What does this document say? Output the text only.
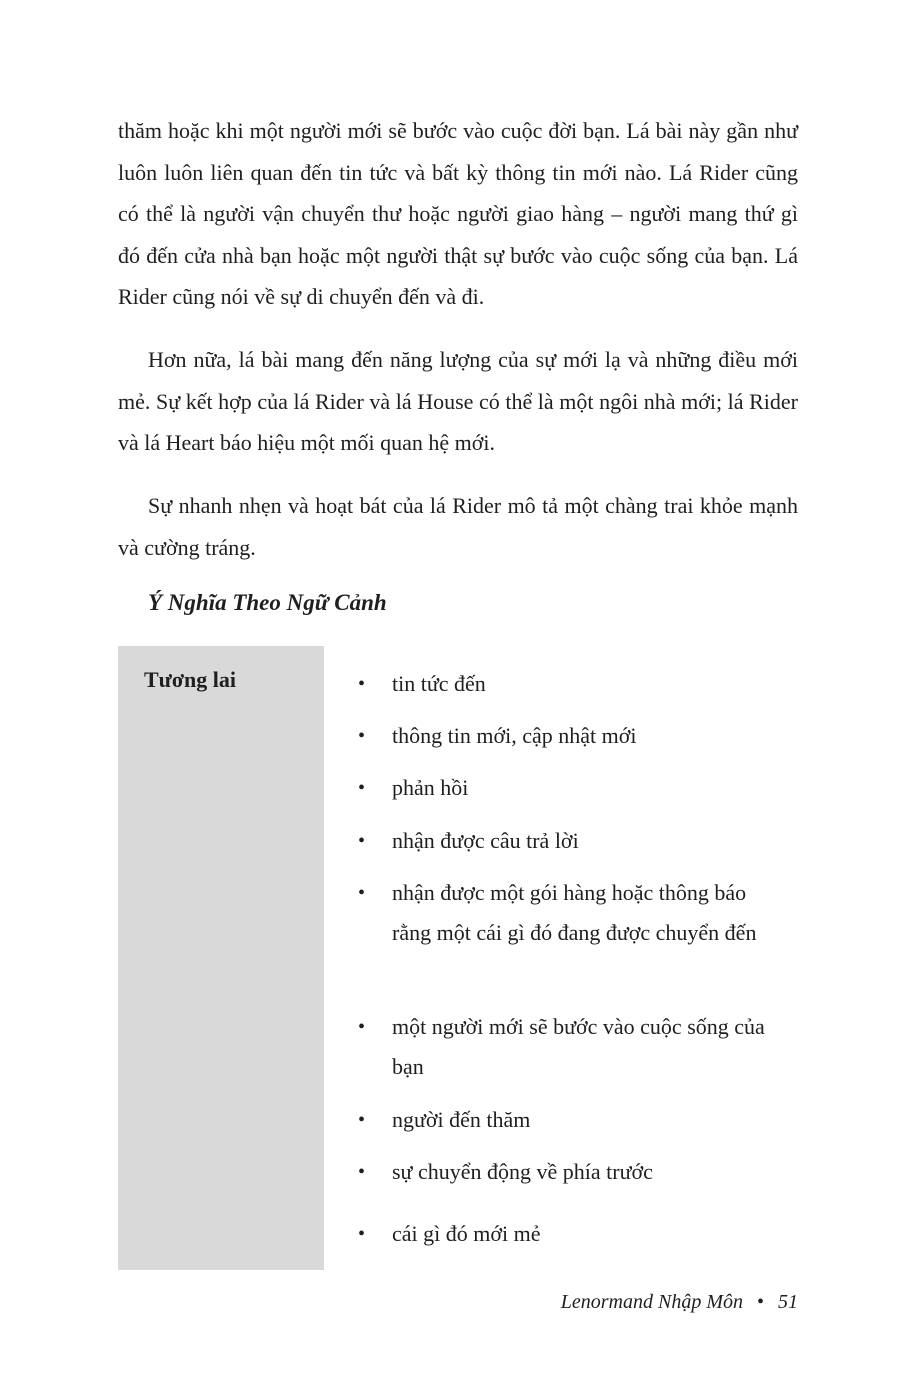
thăm hoặc khi một người mới sẽ bước vào cuộc đời bạn. Lá bài này gần như luôn luôn liên quan đến tin tức và bất kỳ thông tin mới nào. Lá Rider cũng có thể là người vận chuyển thư hoặc người giao hàng – người mang thứ gì đó đến cửa nhà bạn hoặc một người thật sự bước vào cuộc sống của bạn. Lá Rider cũng nói về sự di chuyển đến và đi.

Hơn nữa, lá bài mang đến năng lượng của sự mới lạ và những điều mới mẻ. Sự kết hợp của lá Rider và lá House có thể là một ngôi nhà mới; lá Rider và lá Heart báo hiệu một mối quan hệ mới.

Sự nhanh nhẹn và hoạt bát của lá Rider mô tả một chàng trai khỏe mạnh và cường tráng.

Ý Nghĩa Theo Ngữ Cảnh
Tương lai	•	tin tức đến
•	thông tin mới, cập nhật mới
•	phản hồi
•	nhận được câu trả lời
•	nhận được một gói hàng hoặc thông báo rằng một cái gì đó đang được chuyển đến
•	một người mới sẽ bước vào cuộc sống của bạn
•	người đến thăm
•	sự chuyển động về phía trước
•	cái gì đó mới mẻ
Lenormand Nhập Môn • 51
